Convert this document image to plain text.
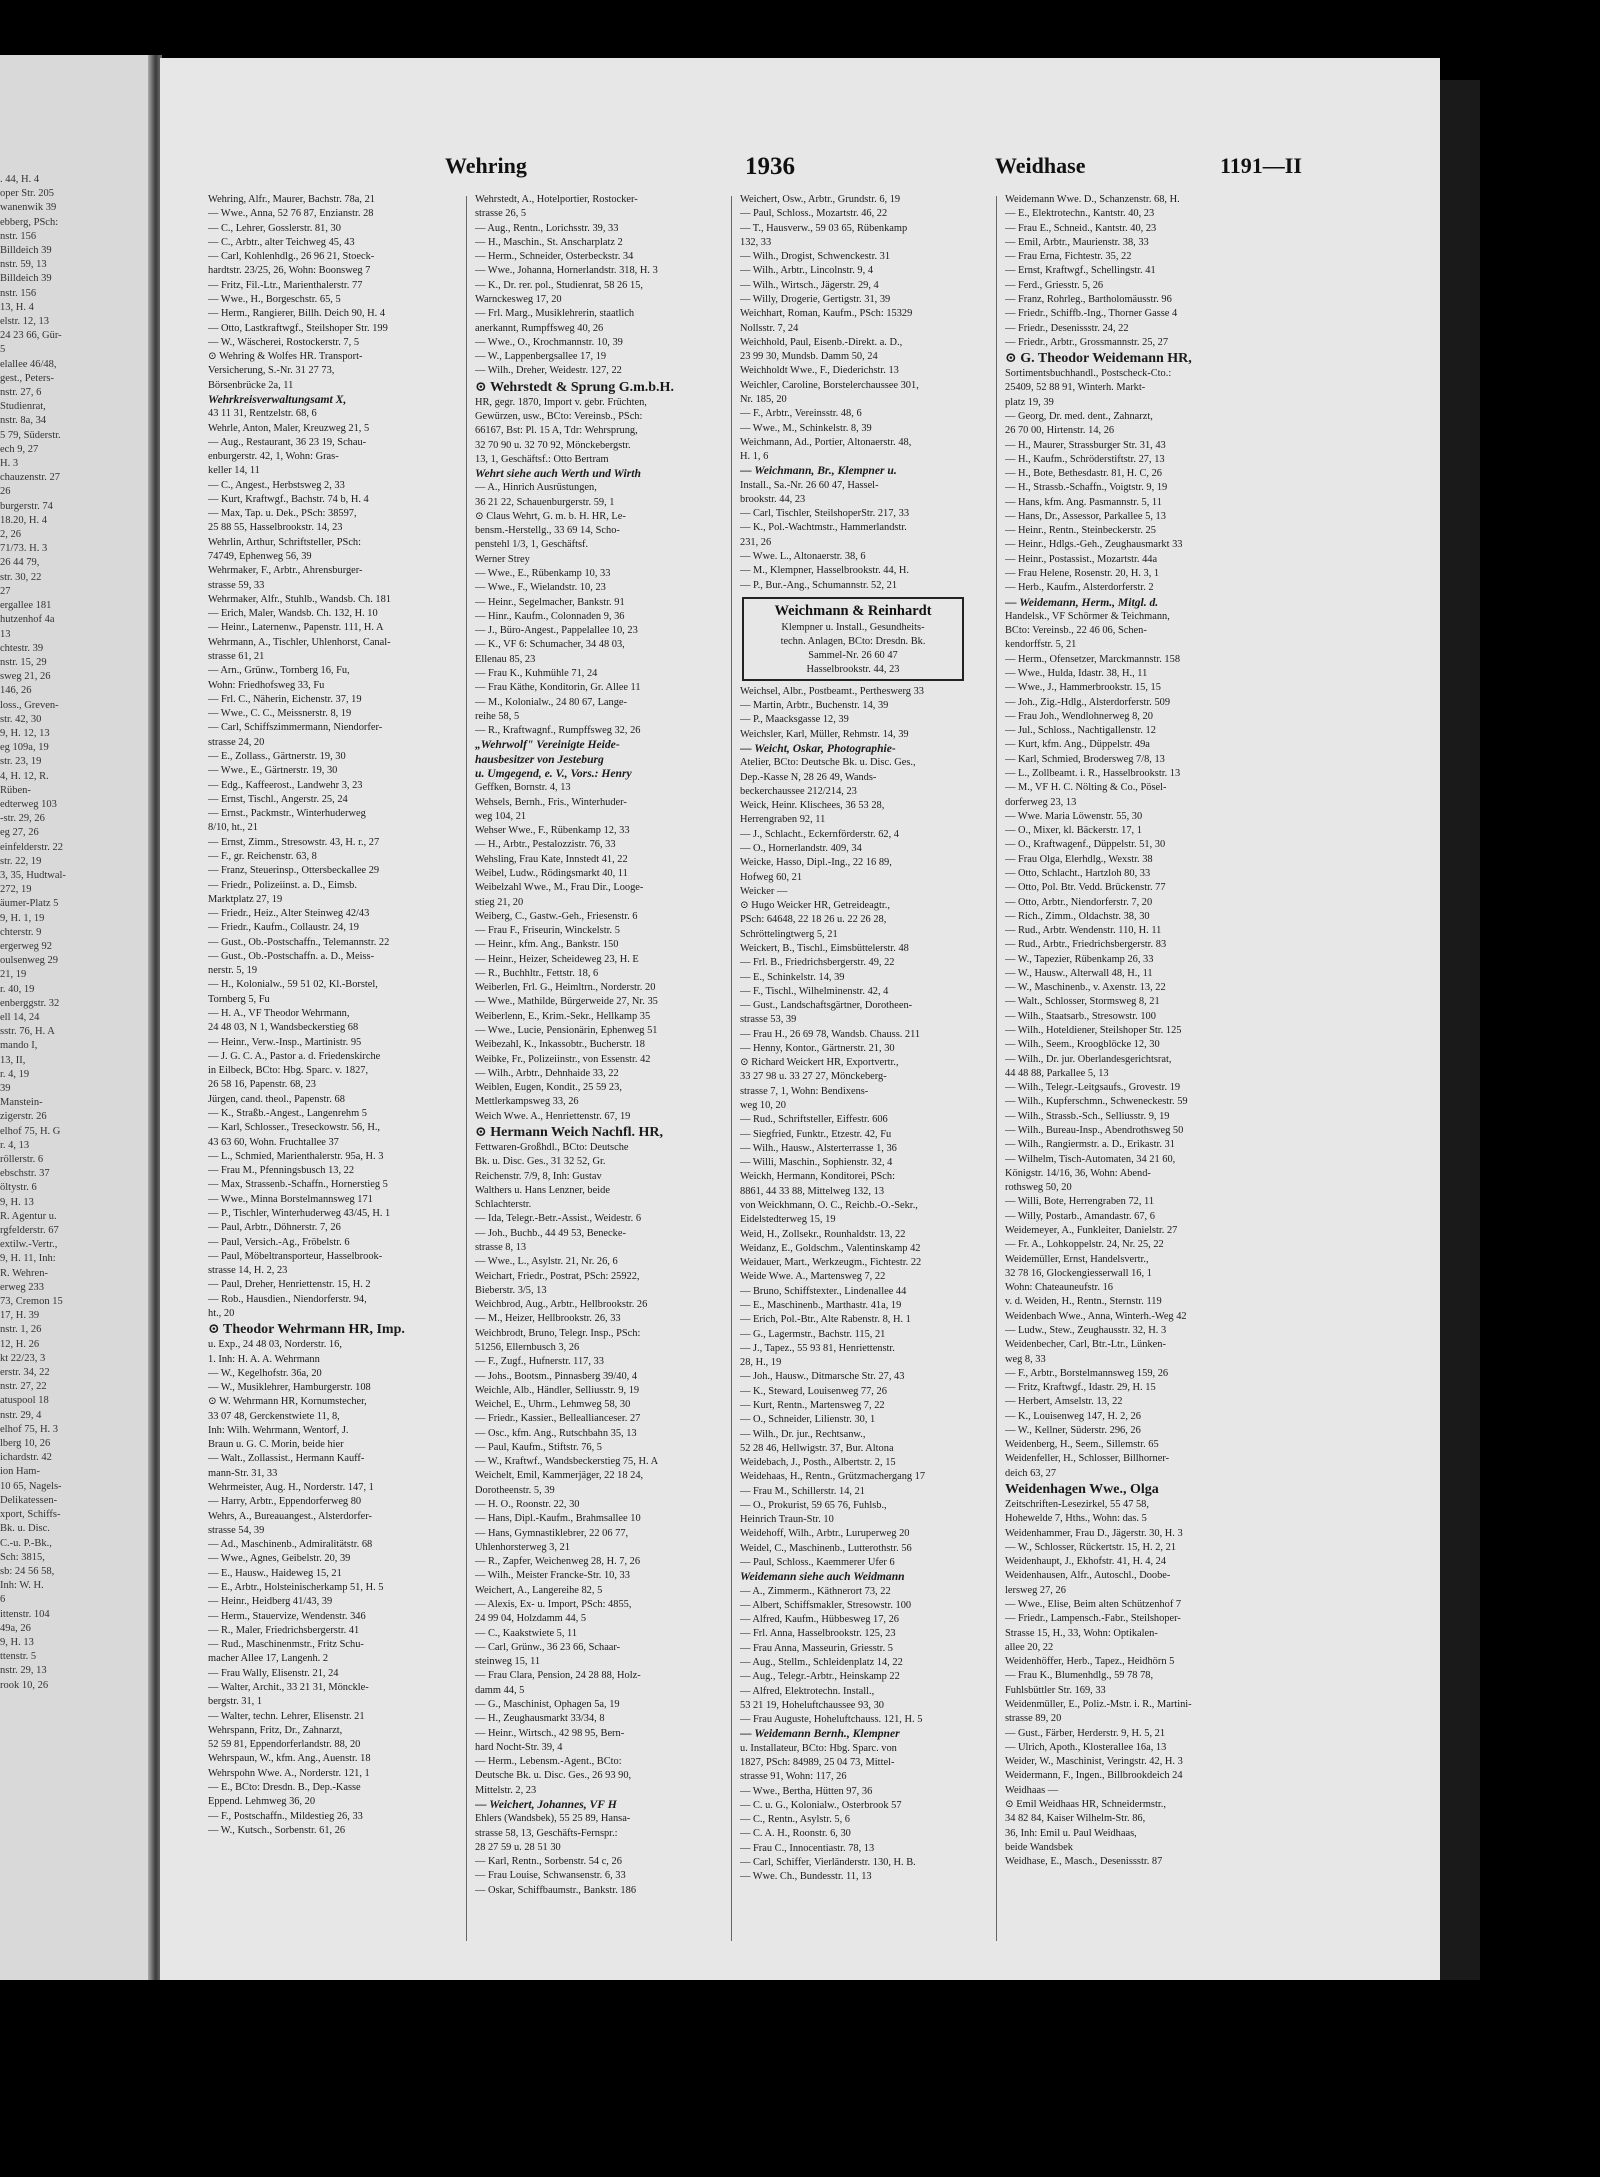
. 44, H. 4
oper Str. 205
wanenwik 39
ebberg, PSch:
nstr. 156
Billdeich 39
nstr. 59, 13
Billdeich 39
nstr. 156
13, H. 4
elstr. 12, 13
24 23 66, Gür-
5
elallee 46/48,
gest., Peters-
nstr. 27, 6
Studienrat,
nstr. 8a, 34
5 79, Süderstr.
ech 9, 27
H. 3
chauzenstr. 27
26
burgerstr. 74
18.20, H. 4
2, 26
71/73. H. 3
26 44 79,
str. 30, 22
27
ergallee 181
hutzenhof 4a
13
chtestr. 39
nstr. 15, 29
sweg 21, 26
146, 26
loss., Greven-
str. 42, 30
9, H. 12, 13
eg 109a, 19
str. 23, 19
4, H. 12, R.
Rüben-
edterweg 103
-str. 29, 26
eg 27, 26
einfelderstr. 22
str. 22, 19
3, 35, Hudtwal-
272, 19
äumer-Platz 5
9, H. 1, 19
chterstr. 9
ergerweg 92
oulsenweg 29
21, 19
r. 40, 19
enberggstr. 32
ell 14, 24
sstr. 76, H. A
mando I,
13, II,
r. 4, 19
39
Manstein-
zigerstr. 26
elhof 75, H. G
r. 4, 13
röllerstr. 6
ebschstr. 37
öltystr. 6
9, H. 13
R. Agentur u.
rgfelderstr. 67
extilw.-Vertr.,
9, H. 11, Inh:
R. Wehren-
erweg 233
73, Cremon 15
17, H. 39
nstr. 1, 26
12, H. 26
kt 22/23, 3
erstr. 34, 22
nstr. 27, 22
atuspool 18
nstr. 29, 4
elhof 75, H. 3
lberg 10, 26
ichardstr. 42
ion Ham-
10 65, Nagels-
Delikatessen-
xport, Schiffs-
Bk. u. Disc.
C.-u. P.-Bk.,
Sch: 3815,
sb: 24 56 58,
Inh: W. H.
6
ittenstr. 104
49a, 26
9, H. 13
ttenstr. 5
nstr. 29, 13
rook 10, 26
Wehring	1936	Weidhase	1191—II
Wehring, Alfr., Maurer, Bachstr. 78a, 21
— Wwe., Anna, 52 76 87, Enzianstr. 28
— C., Lehrer, Gosslerstr. 81, 30
— C., Arbtr., alter Teichweg 45, 43
— Carl, Kohlenhdlg., 26 96 21, Stoeck-
hardtstr. 23/25, 26, Wohn: Boonsweg 7
— Fritz, Fil.-Ltr., Marienthalerstr. 77
— Wwe., H., Borgeschstr. 65, 5
— Herm., Rangierer, Billh. Deich 90, H. 4
— Otto, Lastkraftwgf., Steilshoper Str. 199
— W., Wäscherei, Rostockerstr. 7, 5
⊙ Wehring & Wolfes HR. Transport-
Versicherung, S.-Nr. 31 27 73,
Börsenbrücke 2a, 11
Wehrkreisverwaltungsamt X,
43 11 31, Rentzelstr. 68, 6
Wehrle, Anton, Maler, Kreuzweg 21, 5
— Aug., Restaurant, 36 23 19, Schau-
enburgerstr. 42, 1, Wohn: Gras-
keller 14, 11
— C., Angest., Herbstsweg 2, 33
— Kurt, Kraftwgf., Bachstr. 74 b, H. 4
— Max, Tap. u. Dek., PSch: 38597,
25 88 55, Hasselbrookstr. 14, 23
Wehrlin, Arthur, Schriftsteller, PSch:
74749, Ephenweg 56, 39
Wehrmaker, F., Arbtr., Ahrensburger-
strasse 59, 33
Wehrmaker, Alfr., Stuhlb., Wandsb. Ch. 181
— Erich, Maler, Wandsb. Ch. 132, H. 10
— Heinr., Laternenw., Papenstr. 111, H. A
Wehrmann, A., Tischler, Uhlenhorst, Canal-
strasse 61, 21
— Arn., Grünw., Tornberg 16, Fu,
Wohn: Friedhofsweg 33, Fu
— Frl. C., Näherin, Eichenstr. 37, 19
— Wwe., C. C., Meissnerstr. 8, 19
— Carl, Schiffszimmermann, Niendorfer-
strasse 24, 20
— E., Zollass., Gärtnerstr. 19, 30
— Wwe., E., Gärtnerstr. 19, 30
— Edg., Kaffeerost., Landwehr 3, 23
— Ernst, Tischl., Angerstr. 25, 24
— Ernst., Packmstr., Winterhuderweg
8/10, ht., 21
— Ernst, Zimm., Stresowstr. 43, H. r., 27
— F., gr. Reichenstr. 63, 8
— Franz, Steuerinsp., Ottersbeckallee 29
— Friedr., Polizeiinst. a. D., Eimsb.
Marktplatz 27, 19
— Friedr., Heiz., Alter Steinweg 42/43
— Friedr., Kaufm., Collaustr. 24, 19
— Gust., Ob.-Postschaffn., Telemannstr. 22
— Gust., Ob.-Postschaffn. a. D., Meiss-
nerstr. 5, 19
— H., Kolonialw., 59 51 02, Kl.-Borstel,
Tornberg 5, Fu
— H. A., VF Theodor Wehrmann,
24 48 03, N 1, Wandsbeckerstieg 68
— Heinr., Verw.-Insp., Martinistr. 95
— J. G. C. A., Pastor a. d. Friedenskirche
in Eilbeck, BCto: Hbg. Sparc. v. 1827,
26 58 16, Papenstr. 68, 23
Jürgen, cand. theol., Papenstr. 68
— K., Straßb.-Angest., Langenrehm 5
— Karl, Schlosser., Treseckowstr. 56, H.,
43 63 60, Wohn. Fruchtallee 37
— L., Schmied, Marienthalerstr. 95a, H. 3
— Frau M., Pfenningsbusch 13, 22
— Max, Strassenb.-Schaffn., Hornerstieg 5
— Wwe., Minna Borstelmannsweg 171
— P., Tischler, Winterhuderweg 43/45, H. 1
— Paul, Arbtr., Döhnerstr. 7, 26
— Paul, Versich.-Ag., Fröbelstr. 6
— Paul, Möbeltransporteur, Hasselbrook-
strasse 14, H. 2, 23
— Paul, Dreher, Henriettenstr. 15, H. 2
— Rob., Hausdien., Niendorferstr. 94,
ht., 20
⊙ Theodor Wehrmann HR, Imp.
u. Exp., 24 48 03, Norderstr. 16,
1. Inh: H. A. A. Wehrmann
— W., Kegelhofstr. 36a, 20
— W., Musiklehrer, Hamburgerstr. 108
⊙ W. Wehrmann HR, Kornumstecher,
33 07 48, Gerckenstwiete 11, 8,
Inh: Wilh. Wehrmann, Wentorf, J.
Braun u. G. C. Morin, beide hier
— Walt., Zollassist., Hermann Kauff-
mann-Str. 31, 33
Wehrmeister, Aug. H., Norderstr. 147, 1
— Harry, Arbtr., Eppendorferweg 80
Wehrs, A., Bureauangest., Alsterdorfer-
strasse 54, 39
— Ad., Maschinenb., Admiralitätstr. 68
— Wwe., Agnes, Geibelstr. 20, 39
— E., Hausw., Haideweg 15, 21
— E., Arbtr., Holsteinischerkamp 51, H. 5
— Heinr., Heidberg 41/43, 39
— Herm., Stauervize, Wendenstr. 346
— R., Maler, Friedrichsbergerstr. 41
— Rud., Maschinenmstr., Fritz Schu-
macher Allee 17, Langenh. 2
— Frau Wally, Elisenstr. 21, 24
— Walter, Archit., 33 21 31, Mönckle-
bergstr. 31, 1
— Walter, techn. Lehrer, Elisenstr. 21
Wehrspann, Fritz, Dr., Zahnarzt,
52 59 81, Eppendorferlandstr. 88, 20
Wehrspaun, W., kfm. Ang., Auenstr. 18
Wehrspohn Wwe. A., Norderstr. 121, 1
— E., BCto: Dresdn. B., Dep.-Kasse
Eppend. Lehmweg 36, 20
— F., Postschaffn., Mildestieg 26, 33
— W., Kutsch., Sorbenstr. 61, 26
Wehrstedt, A., Hotelportier, Rostocker-
strasse 26, 5
— Aug., Rentn., Lorichsstr. 39, 33
— H., Maschin., St. Anscharplatz 2
— Herm., Schneider, Osterbeckstr. 34
— Wwe., Johanna, Hornerlandstr. 318, H. 3
— K., Dr. rer. pol., Studienrat, 58 26 15,
Warnckesweg 17, 20
— Frl. Marg., Musiklehrerin, staatlich
anerkannt, Rumpffsweg 40, 26
— Wwe., O., Krochmannstr. 10, 39
— W., Lappenbergsallee 17, 19
— Wilh., Dreher, Weidestr. 127, 22
⊙ Wehrstedt & Sprung G.m.b.H.
HR, gegr. 1870, Import v. gebr. Früchten,
Gewürzen, usw., BCto: Vereinsb., PSch:
66167, Bst: Pl. 15 A, Tdr: Wehrsprung,
32 70 90 u. 32 70 92, Mönckebergstr.
13, 1, Geschäftsf.: Otto Bertram
Wehrt siehe auch Werth und Wirth
— A., Hinrich Ausrüstungen,
36 21 22, Schauenburgerstr. 59, 1
⊙ Claus Wehrt, G. m. b. H. HR, Le-
bensm.-Herstellg., 33 69 14, Scho-
penstehl 1/3, 1, Geschäftsf.
Werner Strey
— Wwe., E., Rübenkamp 10, 33
— Wwe., F., Wielandstr. 10, 23
— Heinr., Segelmacher, Bankstr. 91
— Hinr., Kaufm., Colonnaden 9, 36
— J., Büro-Angest., Pappelallee 10, 23
— K., VF 6: Schumacher, 34 48 03,
Ellenau 85, 23
— Frau K., Kuhmühle 71, 24
— Frau Käthe, Konditorin, Gr. Allee 11
— M., Kolonialw., 24 80 67, Lange-
reihe 58, 5
— R., Kraftwagnf., Rumpffsweg 32, 26
„Wehrwolf" Vereinigte Heide-
hausbesitzer von Jesteburg
u. Umgegend, e. V., Vors.: Henry
Geffken, Bornstr. 4, 13
Wehsels, Bernh., Fris., Winterhuder-
weg 104, 21
Wehser Wwe., F., Rübenkamp 12, 33
— H., Arbtr., Pestalozzistr. 76, 33
Wehsling, Frau Kate, Innstedt 41, 22
Weibel, Ludw., Rödingsmarkt 40, 11
Weibelzahl Wwe., M., Frau Dir., Looge-
stieg 21, 20
Weiberg, C., Gastw.-Geh., Friesenstr. 6
— Frau F., Friseurin, Winckelstr. 5
— Heinr., kfm. Ang., Bankstr. 150
— Heinr., Heizer, Scheideweg 23, H. E
— R., Buchhltr., Fettstr. 18, 6
Weiberlen, Frl. G., Heimltrn., Norderstr. 20
— Wwe., Mathilde, Bürgerweide 27, Nr. 35
Weiberlenn, E., Krim.-Sekr., Hellkamp 35
— Wwe., Lucie, Pensionärin, Ephenweg 51
Weibezahl, K., Inkassobtr., Bucherstr. 18
Weibke, Fr., Polizeiinstr., von Essenstr. 42
— Wilh., Arbtr., Dehnhaide 33, 22
Weiblen, Eugen, Kondit., 25 59 23,
Mettlerkampsweg 33, 26
Weich Wwe. A., Henriettenstr. 67, 19
⊙ Hermann Weich Nachfl. HR,
Fettwaren-Großhdl., BCto: Deutsche
Bk. u. Disc. Ges., 31 32 52, Gr.
Reichenstr. 7/9, 8, Inh: Gustav
Walthers u. Hans Lenzner, beide
Schlachterstr.
— Ida, Telegr.-Betr.-Assist., Weidestr. 6
— Joh., Buchb., 44 49 53, Benecke-
strasse 8, 13
— Wwe., L., Asylstr. 21, Nr. 26, 6
Weichart, Friedr., Postrat, PSch: 25922,
Bieberstr. 3/5, 13
Weichbrod, Aug., Arbtr., Hellbrookstr. 26
— M., Heizer, Hellbrookstr. 26, 33
Weichbrodt, Bruno, Telegr. Insp., PSch:
51256, Ellernbusch 3, 26
— F., Zugf., Hufnerstr. 117, 33
— Johs., Bootsm., Pinnasberg 39/40, 4
Weichle, Alb., Händler, Selliusstr. 9, 19
Weichel, E., Uhrm., Lehmweg 58, 30
— Friedr., Kassier., Belleallianceser. 27
— Osc., kfm. Ang., Rutschbahn 35, 13
— Paul, Kaufm., Stiftstr. 76, 5
— W., Kraftwf., Wandsbeckerstieg 75, H. A
Weichelt, Emil, Kammerjäger, 22 18 24,
Dorotheenstr. 5, 39
— H. O., Roonstr. 22, 30
— Hans, Dipl.-Kaufm., Brahmsallee 10
— Hans, Gymnastiklebrer, 22 06 77,
Uhlenhorsterweg 3, 21
— R., Zapfer, Weichenweg 28, H. 7, 26
— Wilh., Meister Francke-Str. 10, 33
Weichert, A., Langereihe 82, 5
— Alexis, Ex- u. Import, PSch: 4855,
24 99 04, Holzdamm 44, 5
— C., Kaakstwiete 5, 11
— Carl, Grünw., 36 23 66, Schaar-
steinweg 15, 11
— Frau Clara, Pension, 24 28 88, Holz-
damm 44, 5
— G., Maschinist, Ophagen 5a, 19
— H., Zeughausmarkt 33/34, 8
— Heinr., Wirtsch., 42 98 95, Bern-
hard Nocht-Str. 39, 4
— Herm., Lebensm.-Agent., BCto:
Deutsche Bk. u. Disc. Ges., 26 93 90,
Mittelstr. 2, 23
— Weichert, Johannes, VF H
Ehlers (Wandsbek), 55 25 89, Hansa-
strasse 58, 13, Geschäfts-Fernspr.:
28 27 59 u. 28 51 30
— Karl, Rentn., Sorbenstr. 54 c, 26
— Frau Louise, Schwansenstr. 6, 33
— Oskar, Schiffbaumstr., Bankstr. 186
Weichert, Osw., Arbtr., Grundstr. 6, 19
— Paul, Schloss., Mozartstr. 46, 22
— T., Hausverw., 59 03 65, Rübenkamp
132, 33
— Wilh., Drogist, Schwenckestr. 31
— Wilh., Arbtr., Lincolnstr. 9, 4
— Wilh., Wirtsch., Jägerstr. 29, 4
— Willy, Drogerie, Gertigstr. 31, 39
Weichhart, Roman, Kaufm., PSch: 15329
Nollsstr. 7, 24
Weichhold, Paul, Eisenb.-Direkt. a. D.,
23 99 30, Mundsb. Damm 50, 24
Weichholdt Wwe., F., Diederichstr. 13
Weichler, Caroline, Borstelerchaussee 301,
Nr. 185, 20
— F., Arbtr., Vereinsstr. 48, 6
— Wwe., M., Schinkelstr. 8, 39
Weichmann, Ad., Portier, Altonaerstr. 48,
H. 1, 6
— Weichmann, Br., Klempner u.
Install., Sa.-Nr. 26 60 47, Hassel-
brookstr. 44, 23
— Carl, Tischler, SteilshoperStr. 217, 33
— K., Pol.-Wachtmstr., Hammerlandstr.
231, 26
— Wwe. L., Altonaerstr. 38, 6
— M., Klempner, Hasselbrookstr. 44, H.
— P., Bur.-Ang., Schumannstr. 52, 21
Weichmann & Reinhardt
Klempner u. Install., Gesundheits-
techn. Anlagen, BCto: Dresdn. Bk.
Sammel-Nr. 26 60 47
Hasselbrookstr. 44, 23
Weichsel, Albr., Postbeamt., Pertheswerg 33
— Martin, Arbtr., Buchenstr. 14, 39
— P., Maacksgasse 12, 39
Weichsler, Karl, Müller, Rehmstr. 14, 39
— Weicht, Oskar, Photographie-
Atelier, BCto: Deutsche Bk. u. Disc. Ges.,
Dep.-Kasse N, 28 26 49, Wands-
beckerchaussee 212/214, 23
Weick, Heinr. Klischees, 36 53 28,
Herrengraben 92, 11
— J., Schlacht., Eckernförderstr. 62, 4
— O., Hornerlandstr. 409, 34
Weicke, Hasso, Dipl.-Ing., 22 16 89,
Hofweg 60, 21
Weicker —
⊙ Hugo Weicker HR, Getreideagtr.,
PSch: 64648, 22 18 26 u. 22 26 28,
Schröttelingtwerg 5, 21
Weickert, B., Tischl., Eimsbüttelerstr. 48
— Frl. B., Friedrichsbergerstr. 49, 22
— E., Schinkelstr. 14, 39
— F., Tischl., Wilhelminenstr. 42, 4
— Gust., Landschaftsgärtner, Dorotheen-
strasse 53, 39
— Frau H., 26 69 78, Wandsb. Chauss. 211
— Henny, Kontor., Gärtnerstr. 21, 30
⊙ Richard Weickert HR, Exportvertr.,
33 27 98 u. 33 27 27, Mönckeberg-
strasse 7, 1, Wohn: Bendixens-
weg 10, 20
— Rud., Schriftsteller, Eiffestr. 606
— Siegfried, Funktr., Etzestr. 42, Fu
— Wilh., Hausw., Alsterterrasse 1, 36
— Willi, Maschin., Sophienstr. 32, 4
Weickh, Hermann, Konditorei, PSch:
8861, 44 33 88, Mittelweg 132, 13
von Weickhmann, O. C., Reichb.-O.-Sekr.,
Eidelstedterweg 15, 19
Weid, H., Zollsekr., Rounhaldstr. 13, 22
Weidanz, E., Goldschm., Valentinskamp 42
Weidauer, Mart., Werkzeugm., Fichtestr. 22
Weide Wwe. A., Martensweg 7, 22
— Bruno, Schiffstexter., Lindenallee 44
— E., Maschinenb., Marthastr. 41a, 19
— Erich, Pol.-Btr., Alte Rabenstr. 8, H. 1
— G., Lagermstr., Bachstr. 115, 21
— J., Tapez., 55 93 81, Henriettenstr.
28, H., 19
— Joh., Hausw., Ditmarsche Str. 27, 43
— K., Steward, Louisenweg 77, 26
— Kurt, Rentn., Martensweg 7, 22
— O., Schneider, Lilienstr. 30, 1
— Wilh., Dr. jur., Rechtsanw.,
52 28 46, Hellwigstr. 37, Bur. Altona
Weidebach, J., Posth., Albertstr. 2, 15
Weidehaas, H., Rentn., Grützmachergang 17
— Frau M., Schillerstr. 14, 21
— O., Prokurist, 59 65 76, Fuhlsb.,
Heinrich Traun-Str. 10
Weidehoff, Wilh., Arbtr., Luruperweg 20
Weidel, C., Maschinenb., Lutterothstr. 56
— Paul, Schloss., Kaemmerer Ufer 6
Weidemann siehe auch Weidmann
— A., Zimmerm., Käthnerort 73, 22
— Albert, Schiffsmakler, Stresowstr. 100
— Alfred, Kaufm., Hübbesweg 17, 26
— Frl. Anna, Hasselbrookstr. 125, 23
— Frau Anna, Masseurin, Griesstr. 5
— Aug., Stellm., Schleidenplatz 14, 22
— Aug., Telegr.-Arbtr., Heinskamp 22
— Alfred, Elektrotechn. Install.,
53 21 19, Hoheluftchaussee 93, 30
— Frau Auguste, Hoheluftchauss. 121, H. 5
— Weidemann Bernh., Klempner
u. Installateur, BCto: Hbg. Sparc. von
1827, PSch: 84989, 25 04 73, Mittel-
strasse 91, Wohn: 117, 26
— Wwe., Bertha, Hütten 97, 36
— C. u. G., Kolonialw., Osterbrook 57
— C., Rentn., Asylstr. 5, 6
— C. A. H., Roonstr. 6, 30
— Frau C., Innocentiastr. 78, 13
— Carl, Schiffer, Vierländerstr. 130, H. B.
— Wwe. Ch., Bundesstr. 11, 13
Weidemann Wwe. D., Schanzenstr. 68, H.
— E., Elektrotechn., Kantstr. 40, 23
— Frau E., Schneid., Kantstr. 40, 23
— Emil, Arbtr., Maurienstr. 38, 33
— Frau Erna, Fichtestr. 35, 22
— Ernst, Kraftwgf., Schellingstr. 41
— Ferd., Griesstr. 5, 26
— Franz, Rohrleg., Bartholomäusstr. 96
— Friedr., Schiffb.-Ing., Thorner Gasse 4
— Friedr., Desenissstr. 24, 22
— Friedr., Arbtr., Grossmannstr. 25, 27
⊙ G. Theodor Weidemann HR,
Sortimentsbuchhandl., Postscheck-Cto.:
25409, 52 88 91, Winterh. Markt-
platz 19, 39
— Georg, Dr. med. dent., Zahnarzt,
26 70 00, Hirtenstr. 14, 26
— H., Maurer, Strassburger Str. 31, 43
— H., Kaufm., Schröderstiftstr. 27, 13
— H., Bote, Bethesdastr. 81, H. C, 26
— H., Strassb.-Schaffn., Voigtstr. 9, 19
— Hans, kfm. Ang. Pasmannstr. 5, 11
— Hans, Dr., Assessor, Parkallee 5, 13
— Heinr., Rentn., Steinbeckerstr. 25
— Heinr., Hdlgs.-Geh., Zeughausmarkt 33
— Heinr., Postassist., Mozartstr. 44a
— Frau Helene, Rosenstr. 20, H. 3, 1
— Herb., Kaufm., Alsterdorferstr. 2
— Weidemann, Herm., Mitgl. d.
Handelsk., VF Schörmer & Teichmann,
BCto: Vereinsb., 22 46 06, Schen-
kendorffstr. 5, 21
— Herm., Ofensetzer, Marckmannstr. 158
— Wwe., Hulda, Idastr. 38, H., 11
— Wwe., J., Hammerbrookstr. 15, 15
— Joh., Zig.-Hdlg., Alsterdorferstr. 509
— Frau Joh., Wendlohnerweg 8, 20
— Jul., Schloss., Nachtigallenstr. 12
— Kurt, kfm. Ang., Düppelstr. 49a
— Karl, Schmied, Brodersweg 7/8, 13
— L., Zollbeamt. i. R., Hasselbrookstr. 13
— M., VF H. C. Nölting & Co., Pösel-
dorferweg 23, 13
— Wwe. Maria Löwenstr. 55, 30
— O., Mixer, kl. Bäckerstr. 17, 1
— O., Kraftwagenf., Düppelstr. 51, 30
— Frau Olga, Elerhdlg., Wexstr. 38
— Otto, Schlacht., Hartzloh 80, 33
— Otto, Pol. Btr. Vedd. Brückenstr. 77
— Otto, Arbtr., Niendorferstr. 7, 20
— Rich., Zimm., Oldachstr. 38, 30
— Rud., Arbtr. Wendenstr. 110, H. 11
— Rud., Arbtr., Friedrichsbergerstr. 83
— W., Tapezier, Rübenkamp 26, 33
— W., Hausw., Alterwall 48, H., 11
— W., Maschinenb., v. Axenstr. 13, 22
— Walt., Schlosser, Stormsweg 8, 21
— Wilh., Staatsarb., Stresowstr. 100
— Wilh., Hoteldiener, Steilshoper Str. 125
— Wilh., Seem., Kroogblöcke 12, 30
— Wilh., Dr. jur. Oberlandesgerichtsrat,
44 48 88, Parkallee 5, 13
— Wilh., Telegr.-Leitgsaufs., Grovestr. 19
— Wilh., Kupferschmn., Schweneckestr. 59
— Wilh., Strassb.-Sch., Selliusstr. 9, 19
— Wilh., Bureau-Insp., Abendrothsweg 50
— Wilh., Rangiermstr. a. D., Erikastr. 31
— Wilhelm, Tisch-Automaten, 34 21 60,
Königstr. 14/16, 36, Wohn: Abend-
rothsweg 50, 20
— Willi, Bote, Herrengraben 72, 11
— Willy, Postarb., Amandastr. 67, 6
Weidemeyer, A., Funkleiter, Danielstr. 27
— Fr. A., Lohkoppelstr. 24, Nr. 25, 22
Weidemüller, Ernst, Handelsvertr.,
32 78 16, Glockengiesserwall 16, 1
Wohn: Chateauneufstr. 16
v. d. Weiden, H., Rentn., Sternstr. 119
Weidenbach Wwe., Anna, Winterh.-Weg 42
— Ludw., Stew., Zeughausstr. 32, H. 3
Weidenbecher, Carl, Btr.-Ltr., Lünken-
weg 8, 33
— F., Arbtr., Borstelmannsweg 159, 26
— Fritz, Kraftwgf., Idastr. 29, H. 15
— Herbert, Amselstr. 13, 22
— K., Louisenweg 147, H. 2, 26
— W., Kellner, Süderstr. 296, 26
Weidenberg, H., Seem., Sillemstr. 65
Weidenfeller, H., Schlosser, Billhorner-
deich 63, 27
Weidenhagen Wwe., Olga
Zeitschriften-Lesezirkel, 55 47 58,
Hohewelde 7, Hths., Wohn: das. 5
Weidenhammer, Frau D., Jägerstr. 30, H. 3
— W., Schlosser, Rückertstr. 15, H. 2, 21
Weidenhaupt, J., Ekhofstr. 41, H. 4, 24
Weidenhausen, Alfr., Autoschl., Doobe-
lersweg 27, 26
— Wwe., Elise, Beim alten Schützenhof 7
— Friedr., Lampensch.-Fabr., Steilshoper-
Strasse 15, H., 33, Wohn: Optikalen-
allee 20, 22
Weidenhöffer, Herb., Tapez., Heidhörn 5
— Frau K., Blumenhdlg., 59 78 78,
Fuhlsbüttler Str. 169, 33
Weidenmüller, E., Poliz.-Mstr. i. R., Martini-
strasse 89, 20
— Gust., Färber, Herderstr. 9, H. 5, 21
— Ulrich, Apoth., Klosterallee 16a, 13
Weider, W., Maschinist, Veringstr. 42, H. 3
Weidermann, F., Ingen., Billbrookdeich 24
Weidhaas —
⊙ Emil Weidhaas HR, Schneidermstr.,
34 82 84, Kaiser Wilhelm-Str. 86,
36, Inh: Emil u. Paul Weidhaas,
beide Wandsbek
Weidhase, E., Masch., Desenissstr. 87
